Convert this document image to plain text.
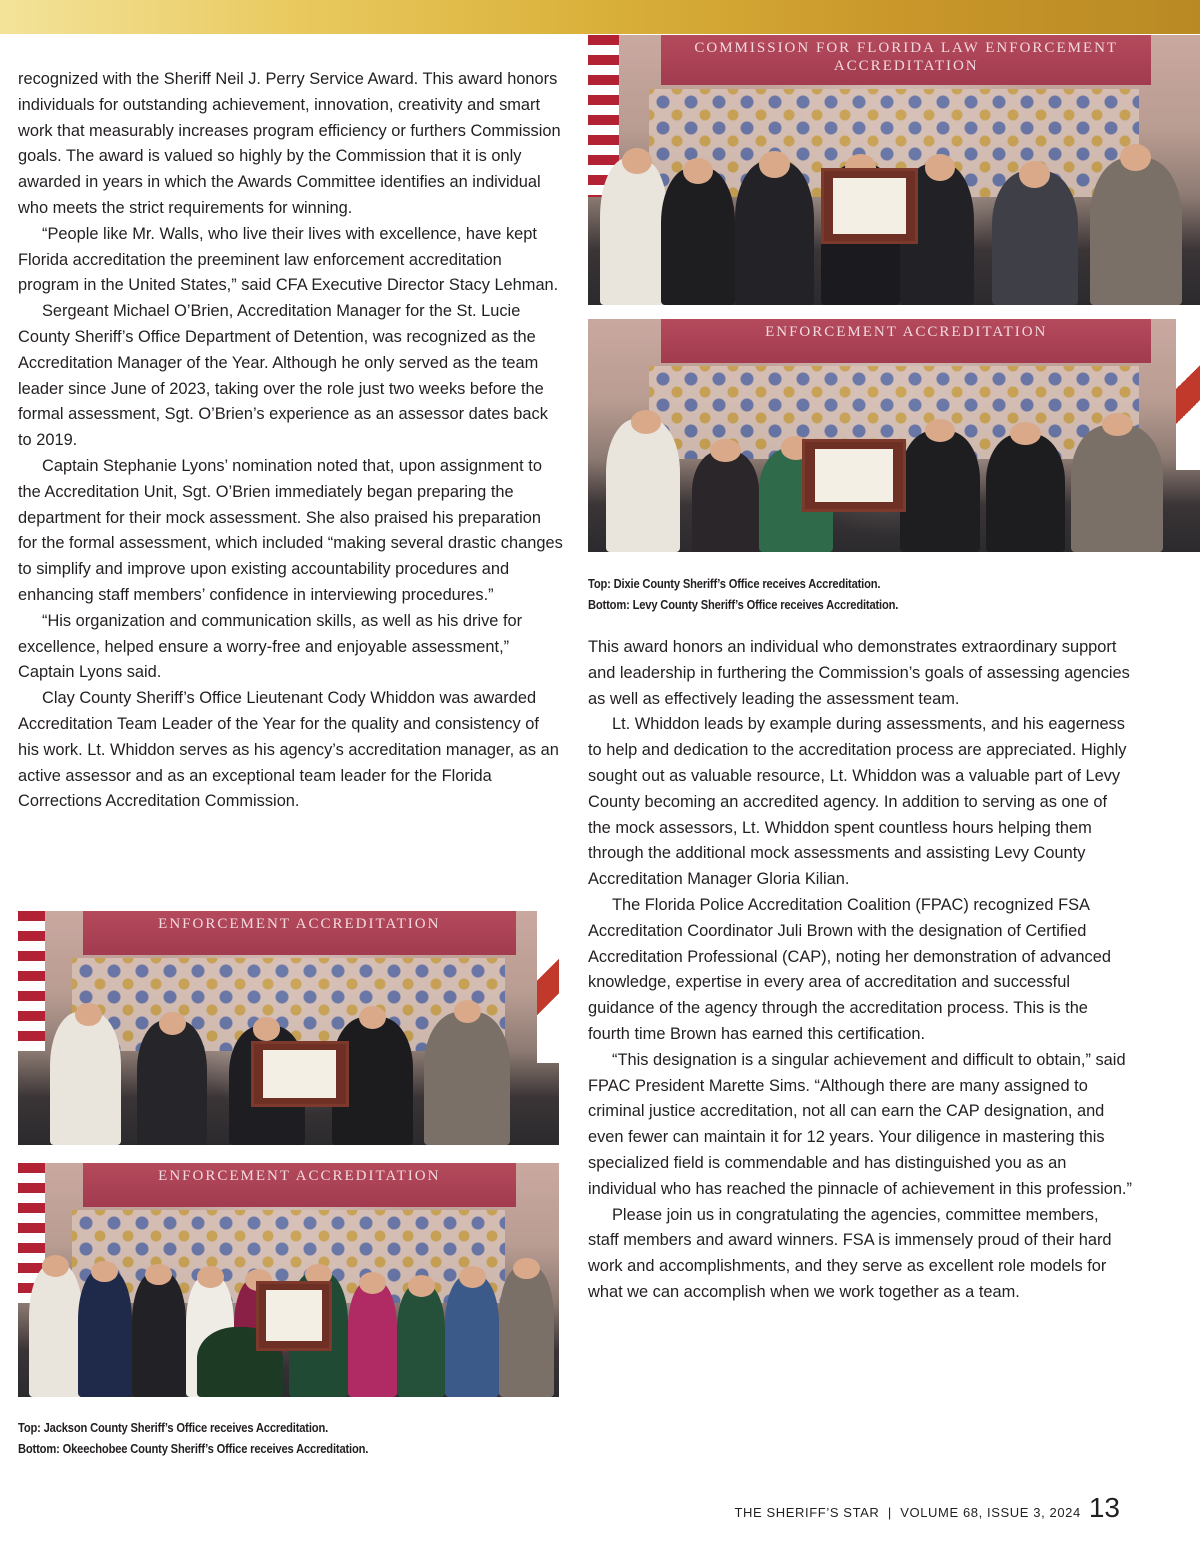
recognized with the Sheriff Neil J. Perry Service Award. This award honors individuals for outstanding achievement, innovation, creativity and smart work that measurably increases program efficiency or furthers Commission goals. The award is valued so highly by the Commission that it is only awarded in years in which the Awards Committee identifies an individual who meets the strict requirements for winning.

“People like Mr. Walls, who live their lives with excellence, have kept Florida accreditation the preeminent law enforcement accreditation program in the United States,” said CFA Executive Director Stacy Lehman.

Sergeant Michael O’Brien, Accreditation Manager for the St. Lucie County Sheriff’s Office Department of Detention, was recognized as the Accreditation Manager of the Year. Although he only served as the team leader since June of 2023, taking over the role just two weeks before the formal assessment, Sgt. O’Brien’s experience as an assessor dates back to 2019.

Captain Stephanie Lyons’ nomination noted that, upon assignment to the Accreditation Unit, Sgt. O’Brien immediately began preparing the department for their mock assessment. She also praised his preparation for the formal assessment, which included “making several drastic changes to simplify and improve upon existing accountability procedures and enhancing staff members’ confidence in interviewing procedures.”

“His organization and communication skills, as well as his drive for excellence, helped ensure a worry-free and enjoyable assessment,” Captain Lyons said.

Clay County Sheriff’s Office Lieutenant Cody Whiddon was awarded Accreditation Team Leader of the Year for the quality and consistency of his work. Lt. Whiddon serves as his agency’s accreditation manager, as an active assessor and as an exceptional team leader for the Florida Corrections Accreditation Commission.

COMMISSION FOR FLORIDA LAW ENFORCEMENT ACCREDITATION
ENFORCEMENT ACCREDITATION
Top: Dixie County Sheriff’s Office receives Accreditation.
Bottom: Levy County Sheriff’s Office receives Accreditation.

This award honors an individual who demonstrates extraordinary support and leadership in furthering the Commission’s goals of assessing agencies as well as effectively leading the assessment team.

Lt. Whiddon leads by example during assessments, and his eagerness to help and dedication to the accreditation process are appreciated. Highly sought out as valuable resource, Lt. Whiddon was a valuable part of Levy County becoming an accredited agency. In addition to serving as one of the mock assessors, Lt. Whiddon spent countless hours helping them through the additional mock assessments and assisting Levy County Accreditation Manager Gloria Kilian.

The Florida Police Accreditation Coalition (FPAC) recognized FSA Accreditation Coordinator Juli Brown with the designation of Certified Accreditation Professional (CAP), noting her demonstration of advanced knowledge, expertise in every area of accreditation and successful guidance of the agency through the accreditation process. This is the fourth time Brown has earned this certification.

“This designation is a singular achievement and difficult to obtain,” said FPAC President Marette Sims. “Although there are many assigned to criminal justice accreditation, not all can earn the CAP designation, and even fewer can maintain it for 12 years. Your diligence in mastering this specialized field is commendable and has distinguished you as an individual who has reached the pinnacle of achievement in this profession.”

Please join us in congratulating the agencies, committee members, staff members and award winners. FSA is immensely proud of their hard work and accomplishments, and they serve as excellent role models for what we can accomplish when we work together as a team.

ENFORCEMENT ACCREDITATION
ENFORCEMENT ACCREDITATION
Top: Jackson County Sheriff’s Office receives Accreditation.
Bottom: Okeechobee County Sheriff’s Office receives Accreditation.
THE SHERIFF’S STAR  |  VOLUME 68, ISSUE 3, 2024 13
